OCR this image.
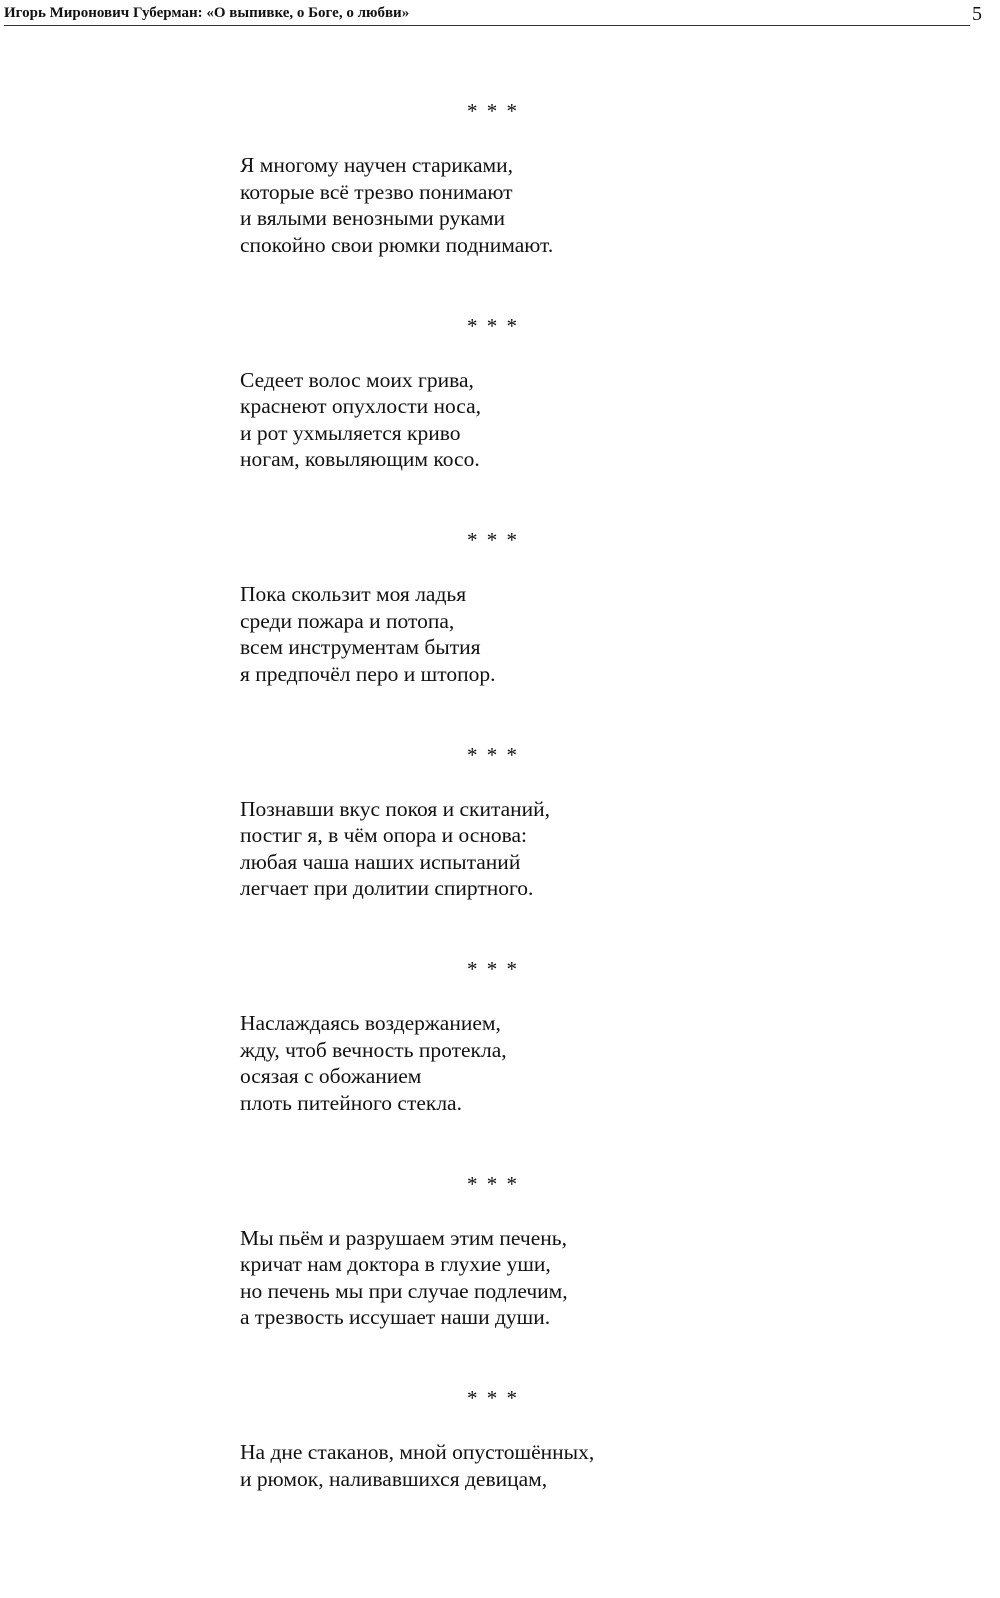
Игорь Миронович Губерман: «О выпивке, о Боге, о любви»	5
* * *
Я многому научен стариками,
которые всё трезво понимают
и вялыми венозными руками
спокойно свои рюмки поднимают.
* * *
Седеет волос моих грива,
краснеют опухлости носа,
и рот ухмыляется криво
ногам, ковыляющим косо.
* * *
Пока скользит моя ладья
среди пожара и потопа,
всем инструментам бытия
я предпочёл перо и штопор.
* * *
Познавши вкус покоя и скитаний,
постиг я, в чём опора и основа:
любая чаша наших испытаний
легчает при долитии спиртного.
* * *
Наслаждаясь воздержанием,
жду, чтоб вечность протекла,
осязая с обожанием
плоть питейного стекла.
* * *
Мы пьём и разрушаем этим печень,
кричат нам доктора в глухие уши,
но печень мы при случае подлечим,
а трезвость иссушает наши души.
* * *
На дне стаканов, мной опустошённых,
и рюмок, наливавшихся девицам,
